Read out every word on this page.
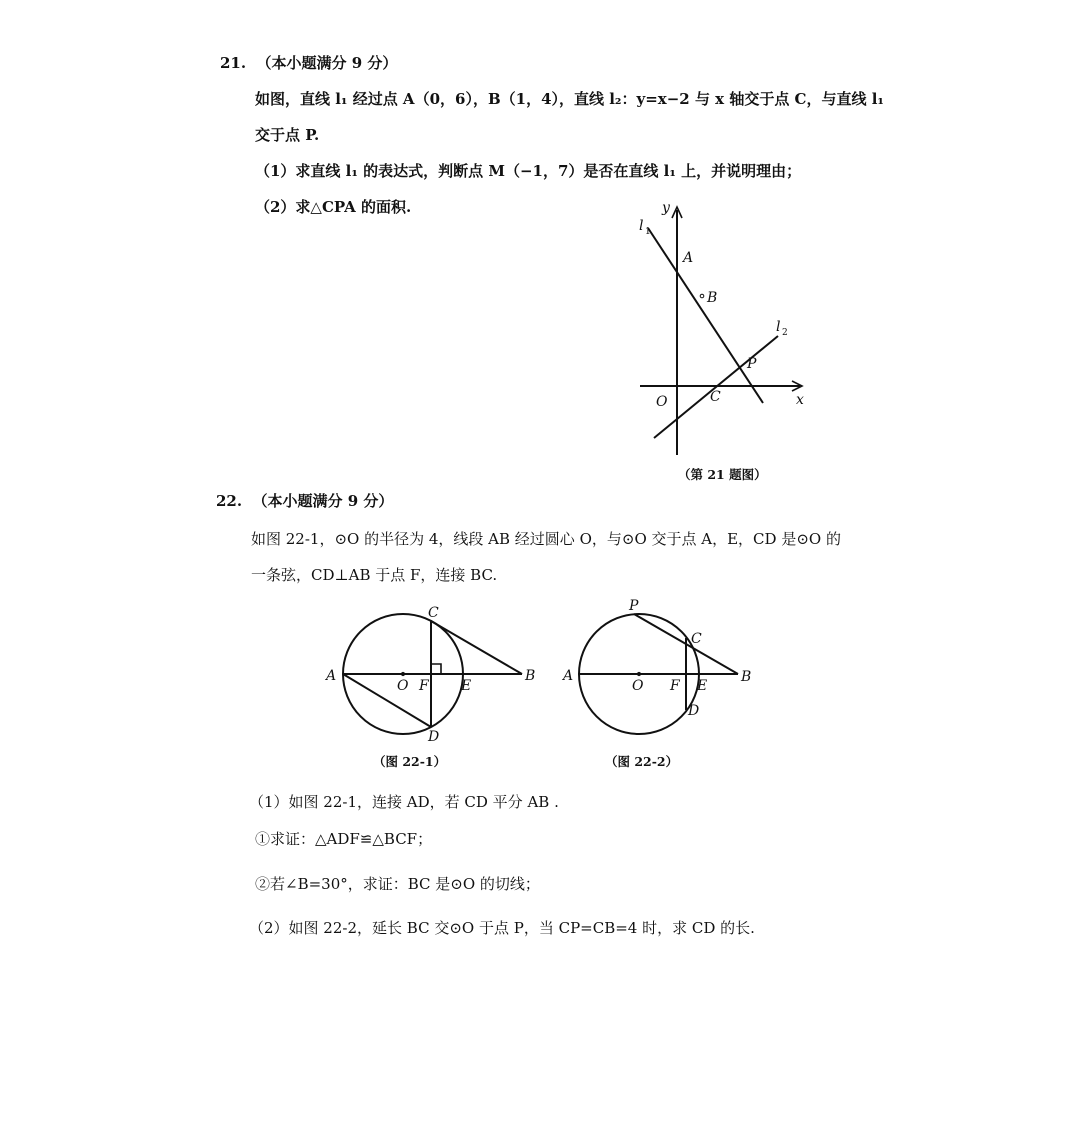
21.  （本小题满分 9 分）
如图，直线 l₁ 经过点 A（0，6），B（1，4），直线 l₂：y=x−2 与 x 轴交于点 C，与直线 l₁
交于点 P.
（1）求直线 l₁ 的表达式，判断点 M（−1，7）是否在直线 l₁ 上，并说明理由；
（2）求△CPA 的面积.	y
x
O
A
B
C
P
l 1
l 2
（第 21 题图）
22.  （本小题满分 9 分）
如图 22-1，⊙O 的半径为 4，线段 AB 经过圆心 O，与⊙O 交于点 A，E，CD 是⊙O 的
一条弦，CD⊥AB 于点 F，连接 BC.
A	B
C
D
O F E
A	B
C
D
O F E
P
（图 22-1）	（图 22-2）
（1）如图 22-1，连接 AD，若 CD 平分 AB .
①求证：△ADF≌△BCF；
②若∠B=30°，求证：BC 是⊙O 的切线；
（2）如图 22-2，延长 BC 交⊙O 于点 P，当 CP=CB=4 时，求 CD 的长.
